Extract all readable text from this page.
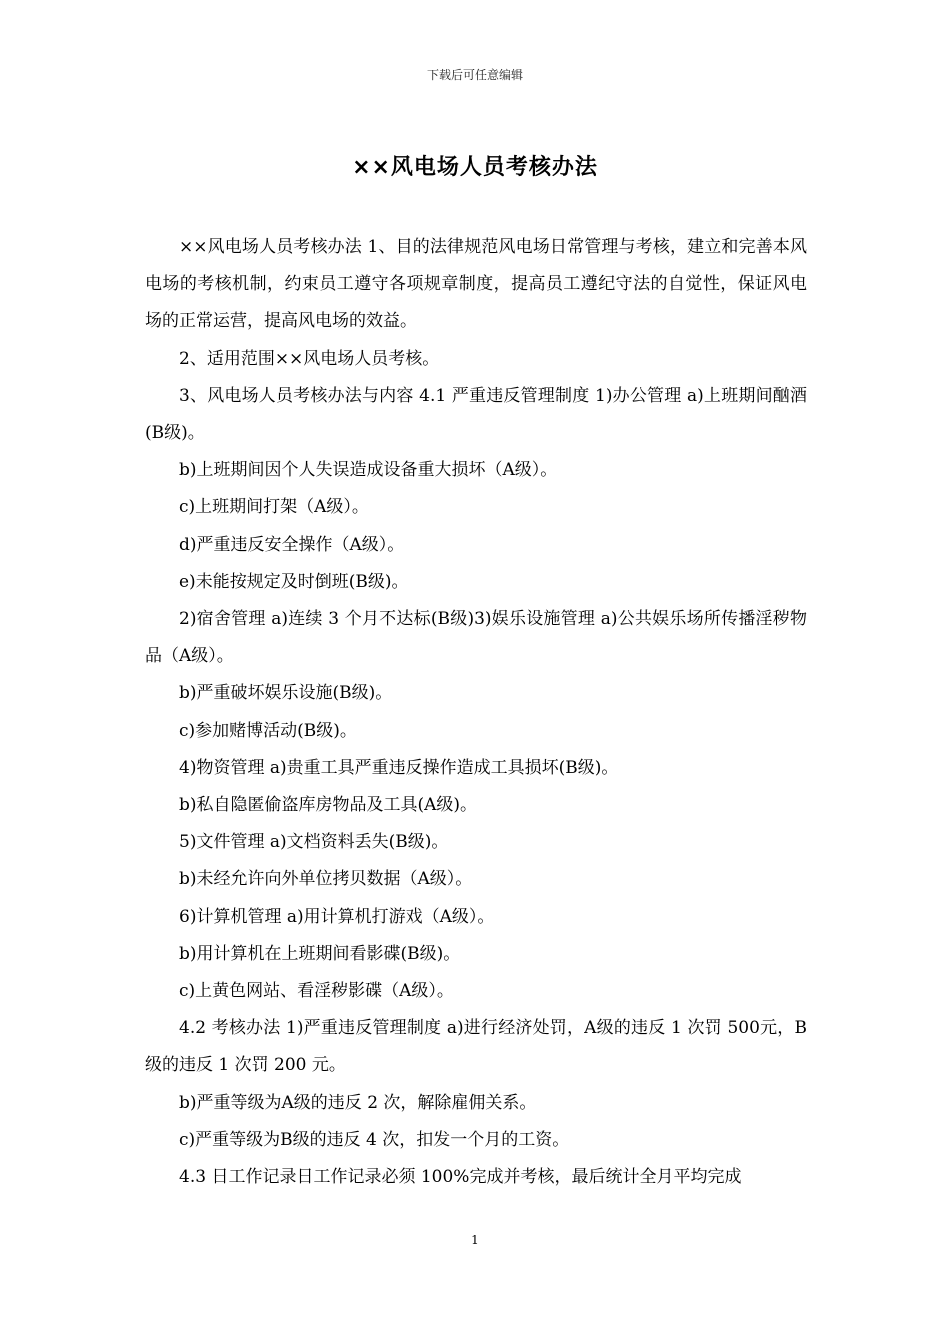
下载后可任意编辑
××风电场人员考核办法

××风电场人员考核办法 1、目的法律规范风电场日常管理与考核，建立和完善本风电场的考核机制，约束员工遵守各项规章制度，提高员工遵纪守法的自觉性，保证风电场的正常运营，提高风电场的效益。

2、适用范围××风电场人员考核。

3、风电场人员考核办法与内容 4.1 严重违反管理制度 1)办公管理 a)上班期间酗酒(B级)。

b)上班期间因个人失误造成设备重大损坏（A级）。

c)上班期间打架（A级）。

d)严重违反安全操作（A级）。

e)未能按规定及时倒班(B级)。

2)宿舍管理 a)连续 3 个月不达标(B级)3)娱乐设施管理 a)公共娱乐场所传播淫秽物品（A级）。

b)严重破坏娱乐设施(B级)。

c)参加赌博活动(B级)。

4)物资管理 a)贵重工具严重违反操作造成工具损坏(B级)。

b)私自隐匿偷盗库房物品及工具(A级)。

5)文件管理 a)文档资料丢失(B级)。

b)未经允许向外单位拷贝数据（A级）。

6)计算机管理 a)用计算机打游戏（A级）。

b)用计算机在上班期间看影碟(B级)。

c)上黄色网站、看淫秽影碟（A级）。

4.2 考核办法 1)严重违反管理制度 a)进行经济处罚，A级的违反 1 次罚 500元，B级的违反 1 次罚 200 元。

b)严重等级为A级的违反 2 次，解除雇佣关系。

c)严重等级为B级的违反 4 次，扣发一个月的工资。

4.3 日工作记录日工作记录必须 100%完成并考核，最后统计全月平均完成

1
